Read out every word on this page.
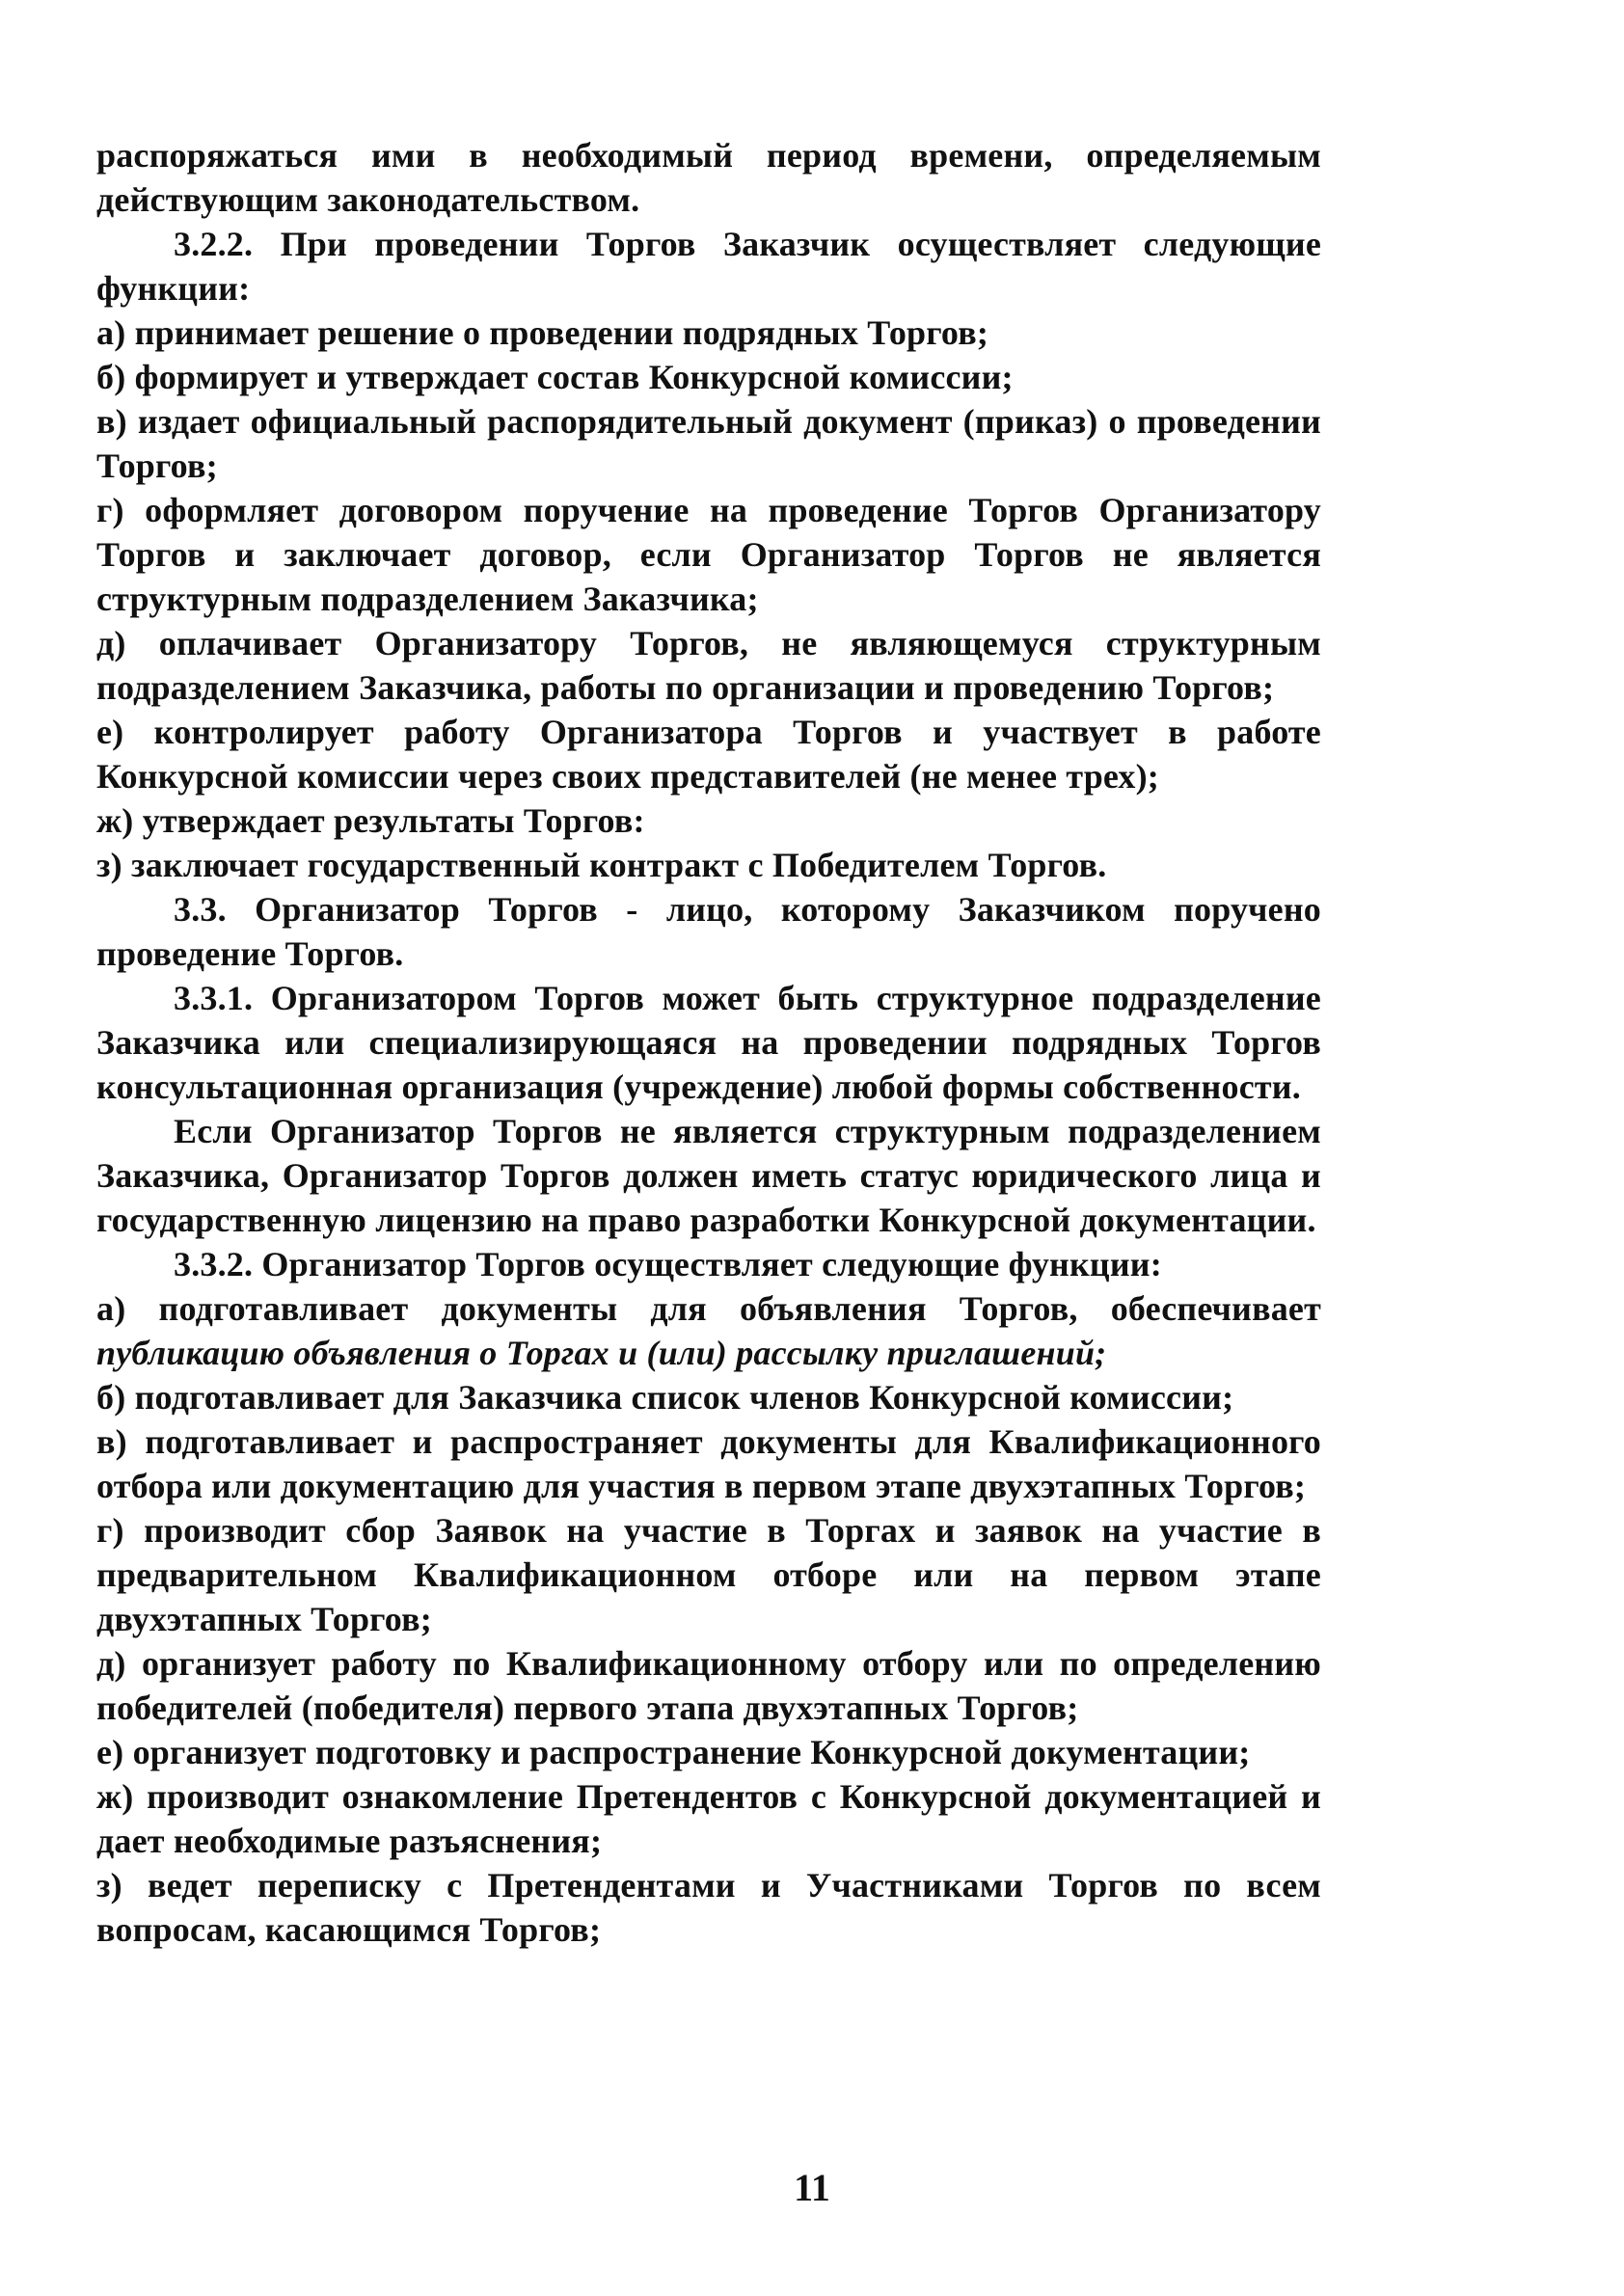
распоряжаться ими в необходимый период времени, определяемым действующим законодательством.

3.2.2. При проведении Торгов Заказчик осуществляет следующие функции:

а) принимает решение о проведении подрядных Торгов;

б) формирует и утверждает состав Конкурсной комиссии;

в) издает официальный распорядительный документ (приказ) о проведении Торгов;

г) оформляет договором поручение на проведение Торгов Организатору Торгов и заключает договор, если Организатор Торгов не является структурным подразделением Заказчика;

д) оплачивает Организатору Торгов, не являющемуся структурным подразделением Заказчика, работы по организации и проведению Торгов;

е) контролирует работу Организатора Торгов и участвует в работе Конкурсной комиссии через своих представителей (не менее трех);

ж) утверждает результаты Торгов:

з) заключает государственный контракт с Победителем Торгов.

3.3. Организатор Торгов - лицо, которому Заказчиком поручено проведение Торгов.

3.3.1. Организатором Торгов может быть структурное подразделение Заказчика или специализирующаяся на проведении подрядных Торгов консультационная организация (учреждение) любой формы собственности.

Если Организатор Торгов не является структурным подразделением Заказчика, Организатор Торгов должен иметь статус юридического лица и государственную лицензию на право разработки Конкурсной документации.

3.3.2. Организатор Торгов осуществляет следующие функции:

а) подготавливает документы для объявления Торгов, обеспечивает публикацию объявления о Торгах и (или) рассылку приглашений;

б) подготавливает для Заказчика список членов Конкурсной комиссии;

в) подготавливает и распространяет документы для Квалификационного отбора или документацию для участия в первом этапе двухэтапных Торгов;

г) производит сбор Заявок на участие в Торгах и заявок на участие в предварительном Квалификационном отборе или на первом этапе двухэтапных Торгов;

д) организует работу по Квалификационному отбору или по определению победителей (победителя) первого этапа двухэтапных Торгов;

е) организует подготовку и распространение Конкурсной документации;

ж) производит ознакомление Претендентов с Конкурсной документацией и дает необходимые разъяснения;

з) ведет переписку с Претендентами и Участниками Торгов по всем вопросам, касающимся Торгов;

11
